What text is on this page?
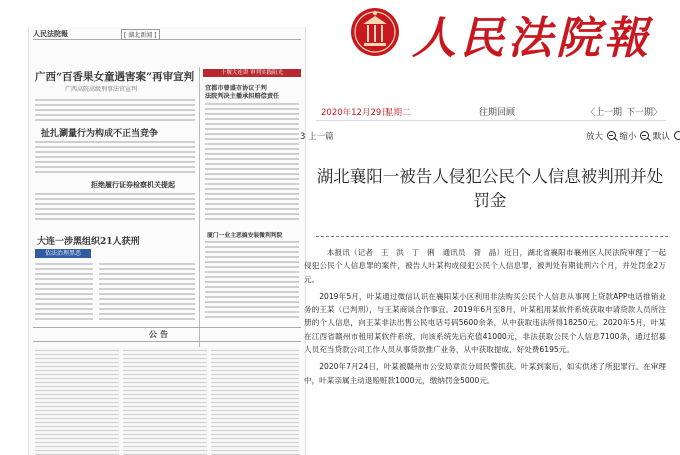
人民法院報	[ 湖北新闻 ]
广西“百香果女童遇害案”再审宣判
广西高院高级刑事法官宣判
扯扎涮量行为构成不正当竞争
拒绝履行证券检察机关提起
大连一涉黑组织21人获刑
依法治理黑恶
十堰大连讲 审判实践阳光
宜都市曾盛市协议于判
法院判决主播承担赔偿责任
厦门一业主恶搞安装微利判院
公告
人民法院報
2020年12月29日
星期二	往期回顾	〈上一期 下一期〉
3 上一篇	放大 缩小 默认
湖北襄阳一被告人侵犯公民个人信息被判刑并处罚金

本报讯（记者　王　洪　丁　俐　通讯员　胥　晶）近日，湖北省襄阳市襄州区人民法院审理了一起侵犯公民个人信息罪的案件，被告人叶某构成侵犯公民个人信息罪，被判处有期徒刑六个月，并处罚金2万元。

2019年5月，叶某通过微信认识在襄阳某小区利用非法购买公民个人信息从事网上贷款APP电话推销业务的王某（已判刑），与王某商谈合作事宜。2019年6月至8月，叶某租用某软件系统获取申请贷款人员所注册的个人信息，向王某非法出售公民电话号码5600余条，从中获取违法所得18250元。2020年5月，叶某在江西省赣州市租用某软件系统，向该系统先后充值41000元，非法获取公民个人信息7100条，通过招募人员充当贷款公司工作人员从事贷款推广业务，从中获取提成、好处费6195元。

2020年7月24日，叶某被赣州市公安局章贡分局民警抓获。叶某到案后，如实供述了所犯罪行。在审理中，叶某亲属主动退赔赃款1000元，缴纳罚金5000元。
